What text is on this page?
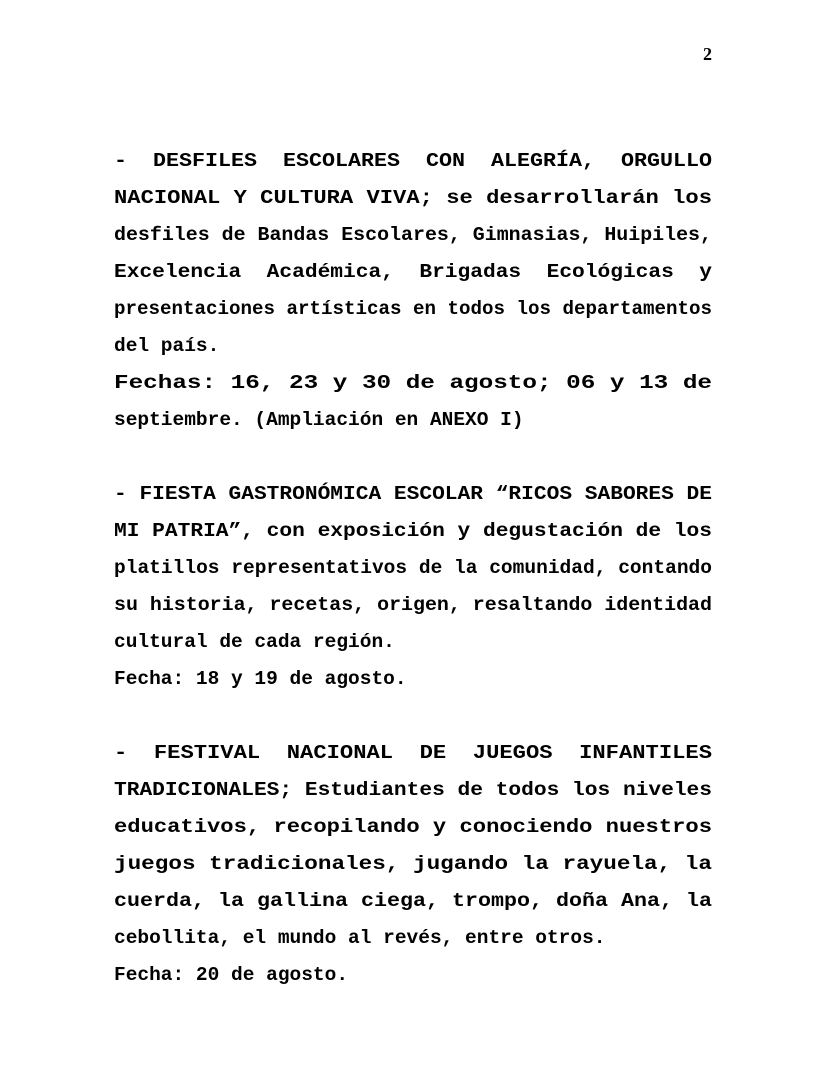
2
-  DESFILES  ESCOLARES  CON  ALEGRÍA,  ORGULLO
NACIONAL Y CULTURA VIVA; se desarrollarán los
desfiles de Bandas Escolares, Gimnasias, Huipiles,
Excelencia  Académica,  Brigadas  Ecológicas  y
presentaciones artísticas en todos los departamentos
del país.
Fechas: 16, 23 y 30 de agosto; 06 y 13 de
septiembre. (Ampliación en ANEXO I)
- FIESTA GASTRONÓMICA ESCOLAR “RICOS SABORES DE
MI PATRIA”, con exposición y degustación de los
platillos representativos de la comunidad, contando
su historia, recetas, origen, resaltando identidad
cultural de cada región.
Fecha: 18 y 19 de agosto.
-  FESTIVAL  NACIONAL  DE  JUEGOS  INFANTILES
TRADICIONALES; Estudiantes de todos los niveles
educativos, recopilando y conociendo nuestros
juegos tradicionales, jugando la rayuela, la
cuerda, la gallina ciega, trompo, doña Ana, la
cebollita, el mundo al revés, entre otros.
Fecha: 20 de agosto.
